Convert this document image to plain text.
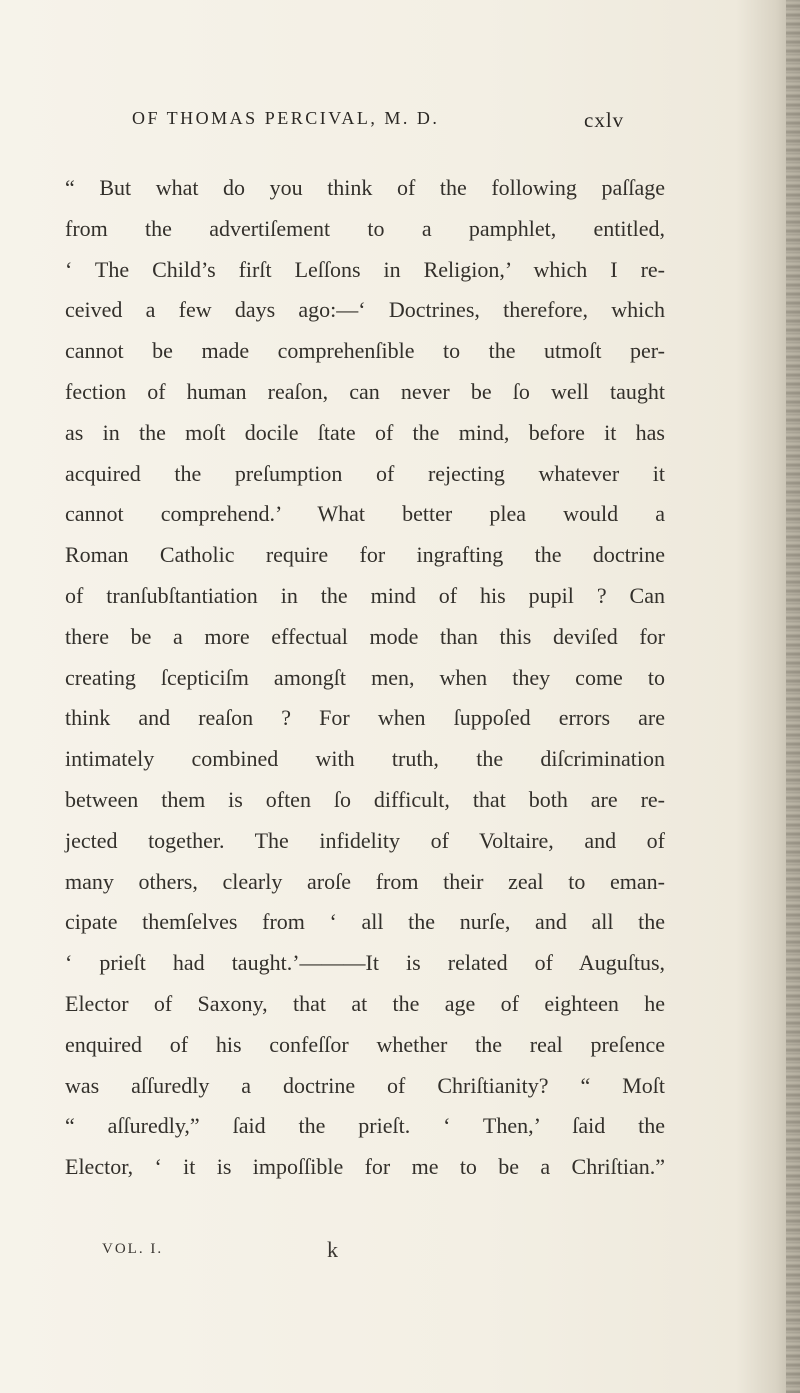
OF THOMAS PERCIVAL, M. D.	cxlv
“ But what do you think of the following paſſage
from the advertiſement to a pamphlet, entitled,
‘ The Child’s firſt Leſſons in Religion,’ which I re-
ceived a few days ago:—‘ Doctrines, therefore, which
cannot be made comprehenſible to the utmoſt per-
fection of human reaſon, can never be ſo well taught
as in the moſt docile ſtate of the mind, before it has
acquired the preſumption of rejecting whatever it
cannot comprehend.’ What better plea would a
Roman Catholic require for ingrafting the doctrine
of tranſubſtantiation in the mind of his pupil ? Can
there be a more effectual mode than this deviſed for
creating ſcepticiſm amongſt men, when they come to
think and reaſon ? For when ſuppoſed errors are
intimately combined with truth, the diſcrimination
between them is often ſo difficult, that both are re-
jected together. The infidelity of Voltaire, and of
many others, clearly aroſe from their zeal to eman-
cipate themſelves from ‘ all the nurſe, and all the
‘ prieſt had taught.’———It is related of Auguſtus,
Elector of Saxony, that at the age of eighteen he
enquired of his confeſſor whether the real preſence
was aſſuredly a doctrine of Chriſtianity? “ Moſt
“ aſſuredly,” ſaid the prieſt. ‘ Then,’ ſaid the
Elector, ‘ it is impoſſible for me to be a Chriſtian.”
VOL. I.	k
